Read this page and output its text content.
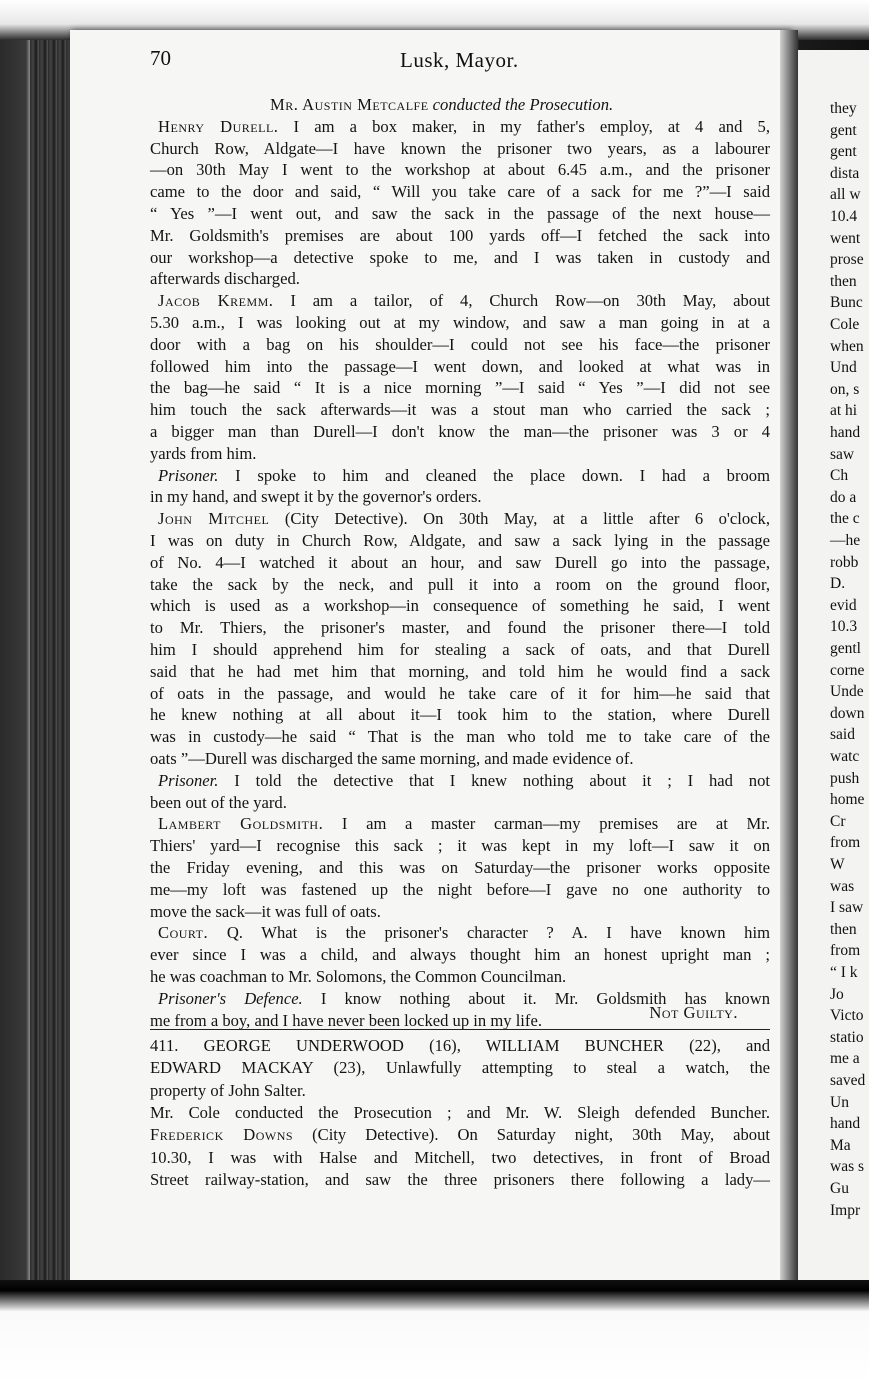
they
gent
gent
dista
all w
10.4
went
prose
then
Bunc
Cole
when
Und
on, s
at hi
hand
saw
Ch
do a
the c
—he
robb
D.
evid
10.3
gentl
corne
Unde
down
said
watc
push
home
Cr
from
W
was
I saw
then
from
“ I k
Jo
Victo
statio
me a
saved
Un
hand
Ma
was s
Gu
Impr
70	Lusk, Mayor.
Mr. Austin Metcalfe conducted the Prosecution.
Henry Durell. I am a box maker, in my father's employ, at 4 and 5,
Church Row, Aldgate—I have known the prisoner two years, as a labourer
—on 30th May I went to the workshop at about 6.45 a.m., and the prisoner
came to the door and said, “ Will you take care of a sack for me ?”—I said
“ Yes ”—I went out, and saw the sack in the passage of the next house—
Mr. Goldsmith's premises are about 100 yards off—I fetched the sack into
our workshop—a detective spoke to me, and I was taken in custody and
afterwards discharged.
Jacob Kremm. I am a tailor, of 4, Church Row—on 30th May, about
5.30 a.m., I was looking out at my window, and saw a man going in at a
door with a bag on his shoulder—I could not see his face—the prisoner
followed him into the passage—I went down, and looked at what was in
the bag—he said “ It is a nice morning ”—I said “ Yes ”—I did not see
him touch the sack afterwards—it was a stout man who carried the sack ;
a bigger man than Durell—I don't know the man—the prisoner was 3 or 4
yards from him.
Prisoner. I spoke to him and cleaned the place down. I had a broom
in my hand, and swept it by the governor's orders.
John Mitchel (City Detective). On 30th May, at a little after 6 o'clock,
I was on duty in Church Row, Aldgate, and saw a sack lying in the passage
of No. 4—I watched it about an hour, and saw Durell go into the passage,
take the sack by the neck, and pull it into a room on the ground floor,
which is used as a workshop—in consequence of something he said, I went
to Mr. Thiers, the prisoner's master, and found the prisoner there—I told
him I should apprehend him for stealing a sack of oats, and that Durell
said that he had met him that morning, and told him he would find a sack
of oats in the passage, and would he take care of it for him—he said that
he knew nothing at all about it—I took him to the station, where Durell
was in custody—he said “ That is the man who told me to take care of the
oats ”—Durell was discharged the same morning, and made evidence of.
Prisoner. I told the detective that I knew nothing about it ; I had not
been out of the yard.
Lambert Goldsmith. I am a master carman—my premises are at Mr.
Thiers' yard—I recognise this sack ; it was kept in my loft—I saw it on
the Friday evening, and this was on Saturday—the prisoner works opposite
me—my loft was fastened up the night before—I gave no one authority to
move the sack—it was full of oats.
Court. Q. What is the prisoner's character ? A. I have known him
ever since I was a child, and always thought him an honest upright man ;
he was coachman to Mr. Solomons, the Common Councilman.
Prisoner's Defence. I know nothing about it. Mr. Goldsmith has known
me from a boy, and I have never been locked up in my life.	Not Guilty.
411. GEORGE UNDERWOOD (16), WILLIAM BUNCHER (22), and
EDWARD MACKAY (23), Unlawfully attempting to steal a watch, the
property of John Salter.
Mr. Cole conducted the Prosecution ; and Mr. W. Sleigh defended Buncher.
Frederick Downs (City Detective). On Saturday night, 30th May, about
10.30, I was with Halse and Mitchell, two detectives, in front of Broad
Street railway-station, and saw the three prisoners there following a lady—
